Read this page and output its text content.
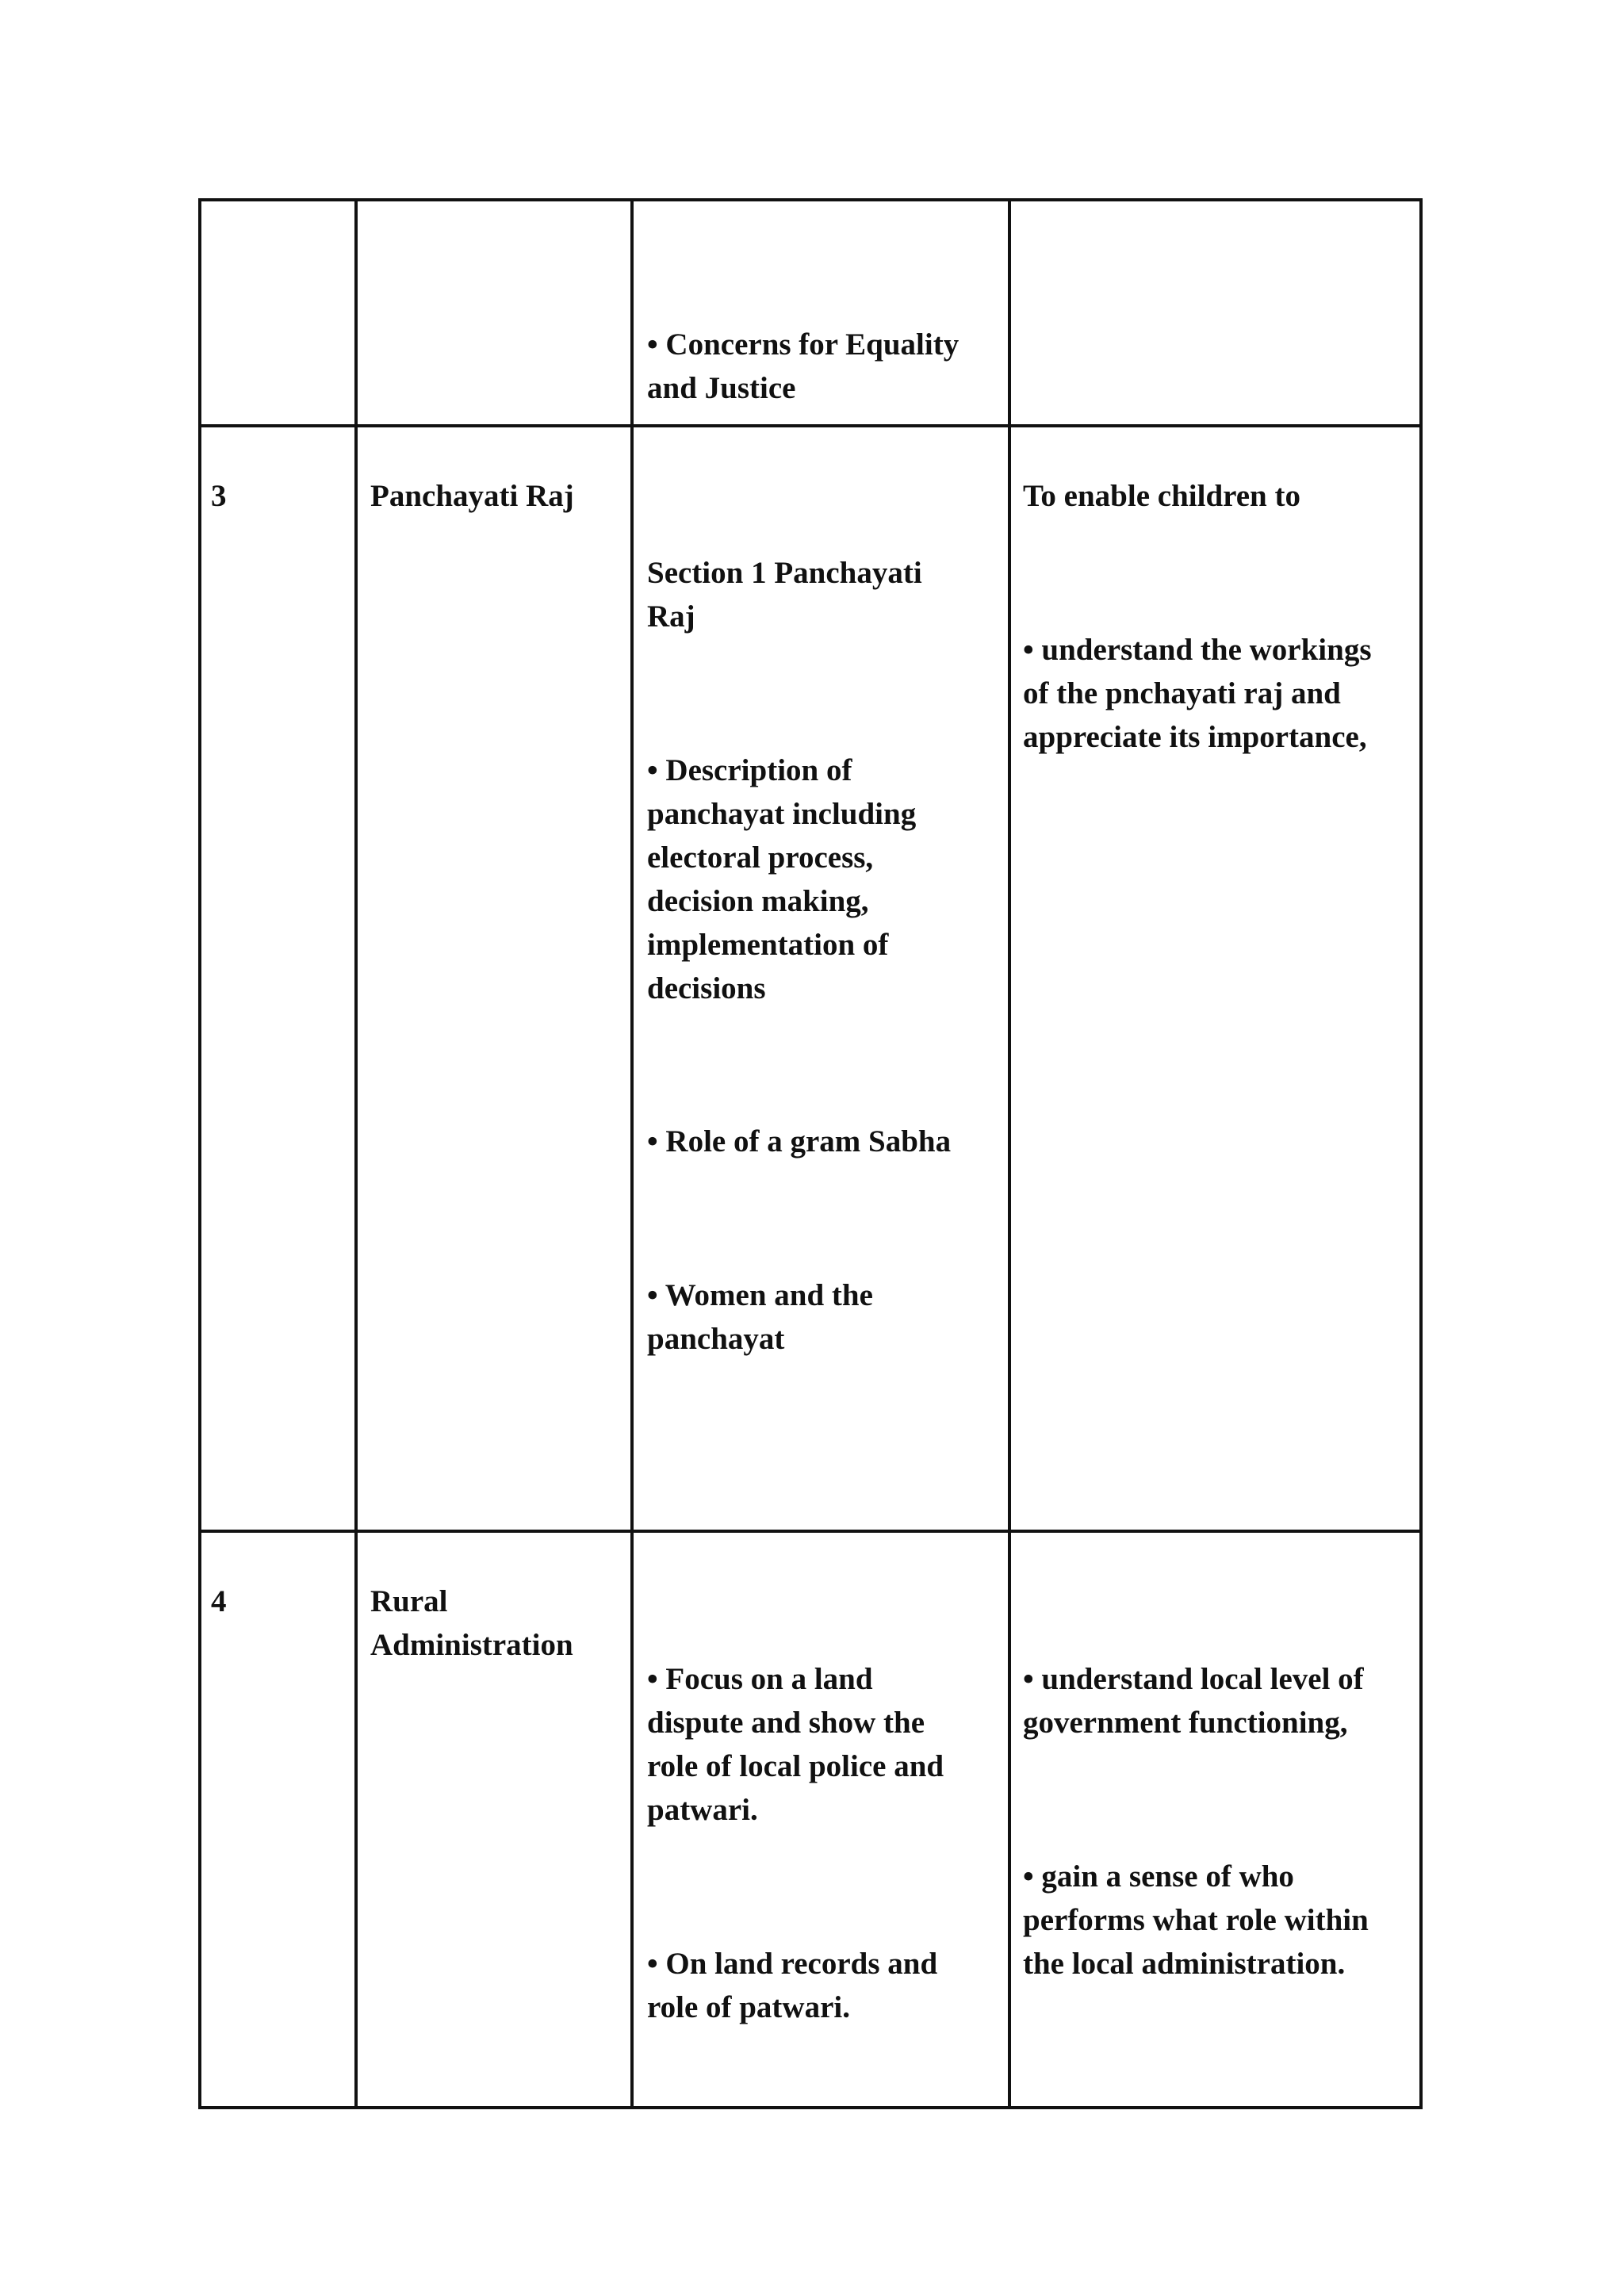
• Concerns for Equality
and Justice

3	Panchayati Raj

Section 1 Panchayati
Raj

• Description of
panchayat including
electoral process,
decision making,
implementation of
decisions

• Role of a gram Sabha

• Women and the
panchayat

To enable children to

• understand the workings
of the pnchayati raj and
appreciate its importance,

4	Rural
Administration

• Focus on a land
dispute and show the
role of local police and
patwari.

• On land records and
role of patwari.

• understand local level of
government functioning,

• gain a sense of who
performs what role within
the local administration.
